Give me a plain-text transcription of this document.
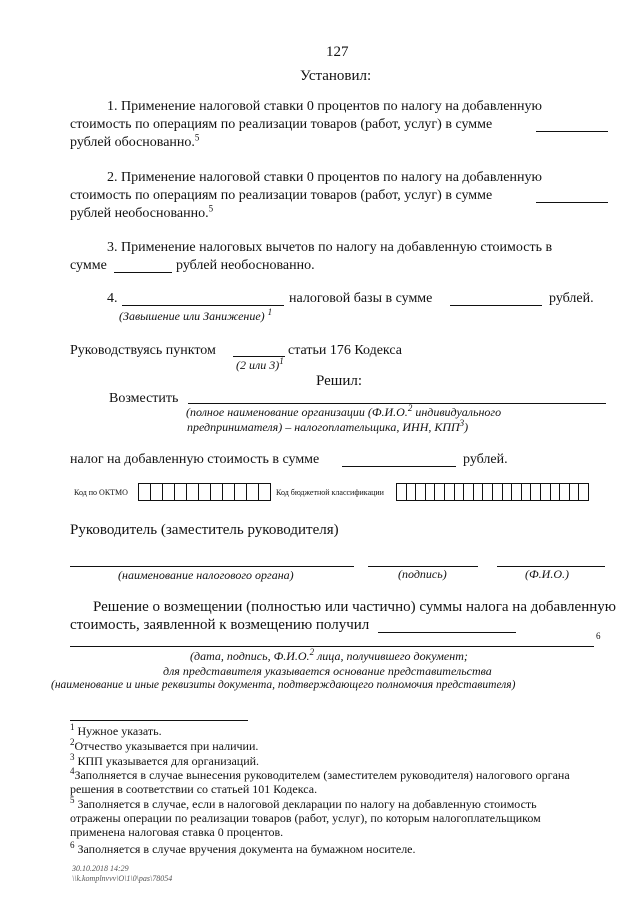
127
Установил:
1. Применение налоговой ставки 0 процентов по налогу на добавленную
стоимость по операциям по реализации товаров (работ, услуг) в сумме
рублей обоснованно.$^5$
2. Применение налоговой ставки 0 процентов по налогу на добавленную
стоимость по операциям по реализации товаров (работ, услуг) в сумме
рублей необоснованно.$^5$
3. Применение налоговых вычетов по налогу на добавленную стоимость в
сумме	рублей необоснованно.
4.	налоговой базы в сумме	рублей.
(Завышение или Занижение) $^1$
Руководствуясь пунктом	статьи 176 Кодекса
(2 или 3)$^1$
Решил:
Возместить
(полное наименование организации (Ф.И.О.$^2$ индивидуального
предпринимателя) – налогоплательщика, ИНН, КПП$^3$)
налог на добавленную стоимость в сумме	рублей.
Код по ОКТМО	Код бюджетной классификации
Руководитель (заместитель руководителя)
(наименование налогового органа)	(подпись)	(Ф.И.О.)
Решение о возмещении (полностью или частично) суммы налога на добавленную
стоимость, заявленной к возмещению получил
6
(дата, подпись, Ф.И.О.$^2$ лица, получившего документ;
для представителя указывается основание представительства
(наименование и иные реквизиты документа, подтверждающего полномочия представителя)
$^1$ Нужное указать.
$^2$Отчество указывается при наличии.
$^3$ КПП указывается для организаций.
$^4$Заполняется в случае вынесения руководителем (заместителем руководителя) налогового органа
решения в соответствии со статьей 101 Кодекса.
$^5$ Заполняется в случае, если в налоговой декларации по налогу на добавленную стоимость
отражены операции по реализации товаров (работ, услуг), по которым налогоплательщиком
применена налоговая ставка 0 процентов.
$^6$ Заполняется в случае вручения документа на бумажном носителе.
30.10.2018 14:29
\\k.komplnvvv\О\1\0\pas\78054
